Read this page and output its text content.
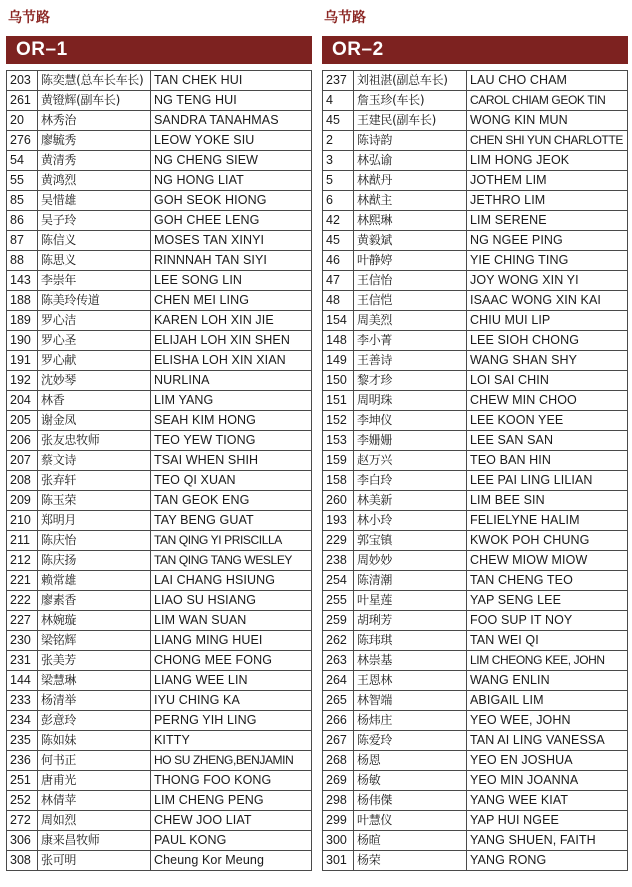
乌节路
OR–1
203	陈奕慧(总车长车长)	TAN CHEK HUI
261	黄镫辉(副车长)	NG TENG HUI
20	林秀治	SANDRA TANAHMAS
276	廖毓秀	LEOW YOKE SIU
54	黄清秀	NG CHENG SIEW
55	黄鸿烈	NG HONG LIAT
85	吴惜雄	GOH SEOK HIONG
86	吴子玲	GOH CHEE LENG
87	陈信义	MOSES TAN XINYI
88	陈思义	RINNNAH TAN SIYI
143	李崇年	LEE SONG LIN
188	陈美玲传道	CHEN MEI LING
189	罗心洁	KAREN LOH XIN JIE
190	罗心圣	ELIJAH LOH XIN SHEN
191	罗心献	ELISHA LOH XIN XIAN
192	沈妙琴	NURLINA
204	林香	LIM YANG
205	谢金凤	SEAH KIM HONG
206	张友忠牧师	TEO YEW TIONG
207	蔡文诗	TSAI WHEN SHIH
208	张弃轩	TEO QI XUAN
209	陈玉荣	TAN GEOK ENG
210	郑明月	TAY BENG GUAT
211	陈庆怡	TAN QING YI PRISCILLA
212	陈庆扬	TAN QING TANG WESLEY
221	赖常雄	LAI CHANG HSIUNG
222	廖素香	LIAO SU HSIANG
227	林婉璇	LIM WAN SUAN
230	梁铭辉	LIANG MING HUEI
231	张美芳	CHONG MEE FONG
144	梁慧琳	LIANG WEE LIN
233	杨清举	IYU CHING KA
234	彭意玲	PERNG YIH LING
235	陈如妹	KITTY
236	何书正	HO SU ZHENG,BENJAMIN
251	唐甫光	THONG FOO KONG
252	林倩苹	LIM CHENG PENG
272	周如烈	CHEW JOO LIAT
306	康来昌牧师	PAUL KONG
308	张可明	Cheung Kor Meung
乌节路
OR–2
237	刘祖湛(副总车长)	LAU CHO CHAM
4	詹玉珍(车长)	CAROL CHIAM GEOK TIN
45	王建民(副车长)	WONG KIN MUN
2	陈诗韵	CHEN SHI YUN CHARLOTTE
3	林弘谕	LIM HONG JEOK
5	林猷丹	JOTHEM LIM
6	林猷主	JETHRO LIM
42	林熙琳	LIM SERENE
45	黄毅斌	NG NGEE PING
46	叶静婷	YIE CHING TING
47	王信怡	JOY WONG XIN YI
48	王信恺	ISAAC WONG XIN KAI
154	周美烈	CHIU MUI LIP
148	李小菁	LEE SIOH CHONG
149	王善诗	WANG SHAN SHY
150	黎才珍	LOI SAI CHIN
151	周明珠	CHEW MIN CHOO
152	李坤仪	LEE KOON YEE
153	李姗姗	LEE SAN SAN
159	赵万兴	TEO BAN HIN
158	李白玲	LEE PAI LING LILIAN
260	林美新	LIM BEE SIN
193	林小玲	FELIELYNE HALIM
229	郭宝镇	KWOK POH CHUNG
238	周妙妙	CHEW MIOW MIOW
254	陈清潮	TAN CHENG TEO
255	叶星莲	YAP SENG LEE
259	胡琍芳	FOO SUP IT NOY
262	陈玮琪	TAN WEI QI
263	林崇基	LIM CHEONG KEE, JOHN
264	王恩林	WANG ENLIN
265	林智端	ABIGAIL LIM
266	杨炜庄	YEO WEE, JOHN
267	陈爱玲	TAN AI LING VANESSA
268	杨恩	YEO EN JOSHUA
269	杨敏	YEO MIN JOANNA
298	杨伟傑	YANG WEE KIAT
299	叶慧仪	YAP HUI NGEE
300	杨暄	YANG SHUEN, FAITH
301	杨荣	YANG RONG
